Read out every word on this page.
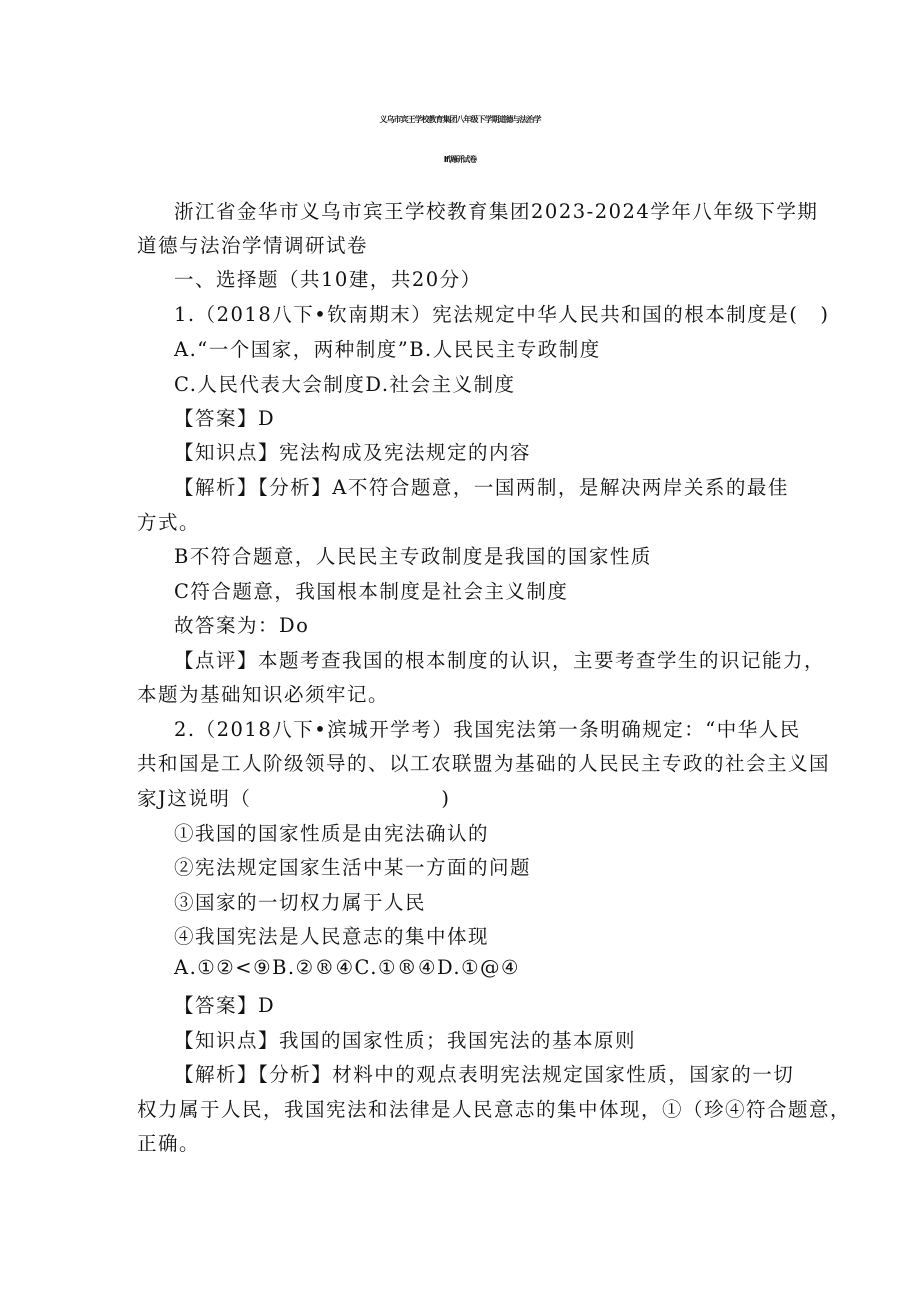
义乌市宾王学校教育集团八年级下学期道德与法治学
If调研试卷

浙江省金华市义乌市宾王学校教育集团2023-2024学年八年级下学期

道德与法治学情调研试卷

一、选择题（共10建，共20分）

1.（2018八下•钦南期末）宪法规定中华人民共和国的根本制度是( )

A.“一个国家，两种制度”B.人民民主专政制度

C.人民代表大会制度D.社会主义制度

【答案】D

【知识点】宪法构成及宪法规定的内容

【解析】【分析】A不符合题意，一国两制，是解决两岸关系的最佳

方式。

B不符合题意，人民民主专政制度是我国的国家性质

C符合题意，我国根本制度是社会主义制度

故答案为：Do

【点评】本题考查我国的根本制度的认识，主要考查学生的识记能力，

本题为基础知识必须牢记。

2.（2018八下•滨城开学考）我国宪法第一条明确规定：“中华人民

共和国是工人阶级领导的、以工农联盟为基础的人民民主专政的社会主义国

家J这说明（	)

①我国的国家性质是由宪法确认的

②宪法规定国家生活中某一方面的问题

③国家的一切权力属于人民

④我国宪法是人民意志的集中体现

A.①②<⑨B.②®④C.①®④D.①@④

【答案】D

【知识点】我国的国家性质；我国宪法的基本原则

【解析】【分析】材料中的观点表明宪法规定国家性质，国家的一切

权力属于人民，我国宪法和法律是人民意志的集中体现，①（珍④符合题意，

正确。
